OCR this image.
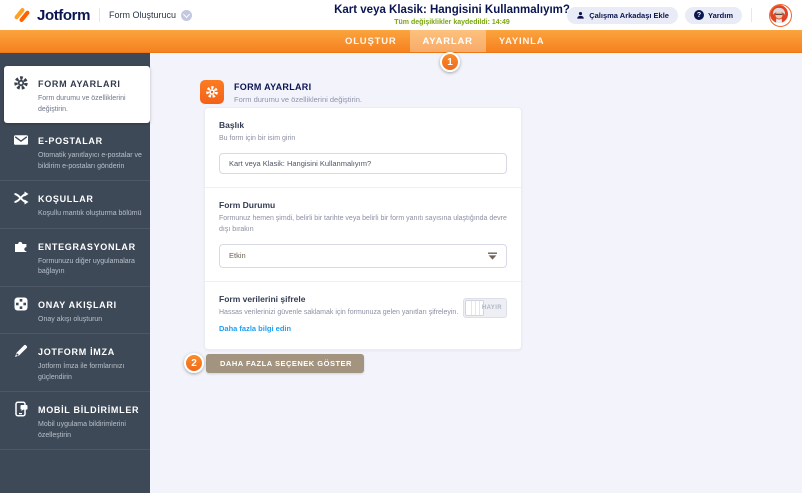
Jotform Form Oluşturucu	Kart veya Klasik: Hangisini Kullanmalıyım?
Tüm değişiklikler kaydedildi: 14:49
Çalışma Arkadaşı Ekle	? Yardım
OLUŞTUR	AYARLAR	YAYINLA
1
FORM AYARLARI
Form durumu ve özelliklerini değiştirin.
E-POSTALAR
Otomatik yanıtlayıcı e-postalar ve bildirim e-postaları gönderin
KOŞULLAR
Koşullu mantık oluşturma bölümü
ENTEGRASYONLAR
Formunuzu diğer uygulamalara bağlayın
ONAY AKIŞLARI
Onay akışı oluşturun
JOTFORM İMZA
Jotform İmza ile formlarınızı güçlendirin
MOBİL BİLDİRİMLER
Mobil uygulama bildirimlerini özelleştirin
FORM AYARLARI
Form durumu ve özelliklerini değiştirin.
Başlık
Bu form için bir isim girin
Kart veya Klasik: Hangisini Kullanmalıyım?
Form Durumu
Formunuz hemen şimdi, belirli bir tarihte veya belirli bir form yanıtı sayısına ulaştığında devre dışı bırakın
Etkin
Form verilerini şifrele
Hassas verilerinizi güvenle saklamak için formunuza gelen yanıtları şifreleyin.
Daha fazla bilgi edin
HAYIR
DAHA FAZLA SEÇENEK GÖSTER
2
